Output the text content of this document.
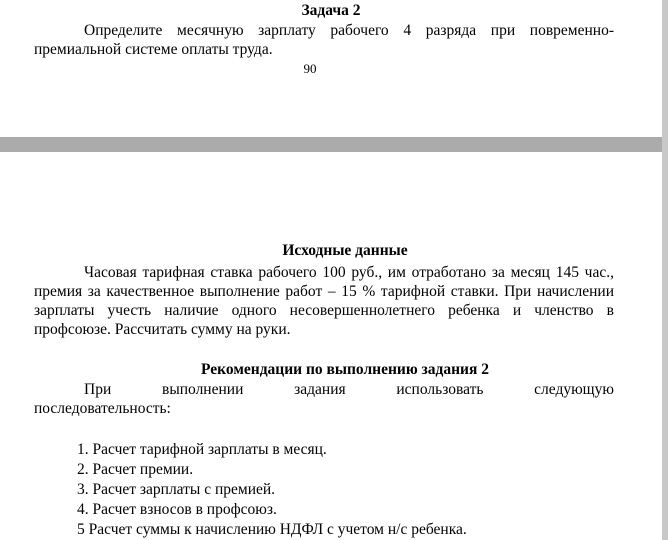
Задача 2
Определите месячную зарплату рабочего 4 разряда при повременно-премиальной системе оплаты труда.
90
Исходные данные
Часовая тарифная ставка рабочего 100 руб., им отработано за месяц 145 час., премия за качественное выполнение работ – 15 % тарифной ставки. При начислении зарплаты учесть наличие одного несовершеннолетнего ребенка и членство в профсоюзе. Рассчитать сумму на руки.
Рекомендации по выполнению задания 2
При	выполнении	задания	использовать	следующую
последовательность:
1. Расчет тарифной зарплаты в месяц.
2. Расчет премии.
3. Расчет зарплаты с премией.
4. Расчет взносов в профсоюз.
5 Расчет суммы к начислению НДФЛ с учетом н/с ребенка.
